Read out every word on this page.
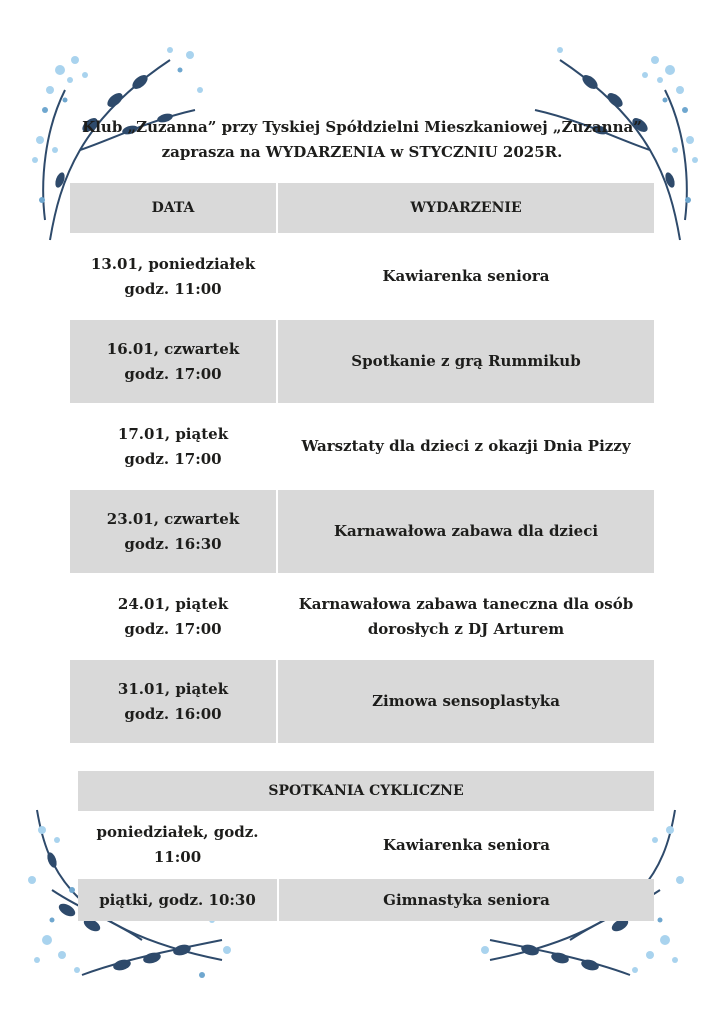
Klub „Zuzanna” przy Tyskiej Spółdzielni Mieszkaniowej „Zuzanna”
zaprasza na WYDARZENIA w STYCZNIU 2025R.
DATA	WYDARZENIE
13.01, poniedziałek
godz. 11:00
Kawiarenka seniora
16.01, czwartek
godz. 17:00
Spotkanie z grą Rummikub
17.01, piątek
godz. 17:00
Warsztaty dla dzieci z okazji Dnia Pizzy
23.01, czwartek
godz. 16:30
Karnawałowa zabawa dla dzieci
24.01, piątek
godz. 17:00
Karnawałowa zabawa taneczna dla osób dorosłych z DJ Arturem
31.01, piątek
godz. 16:00
Zimowa sensoplastyka
SPOTKANIA CYKLICZNE
poniedziałek, godz. 11:00
Kawiarenka seniora
piątki, godz. 10:30	Gimnastyka seniora
